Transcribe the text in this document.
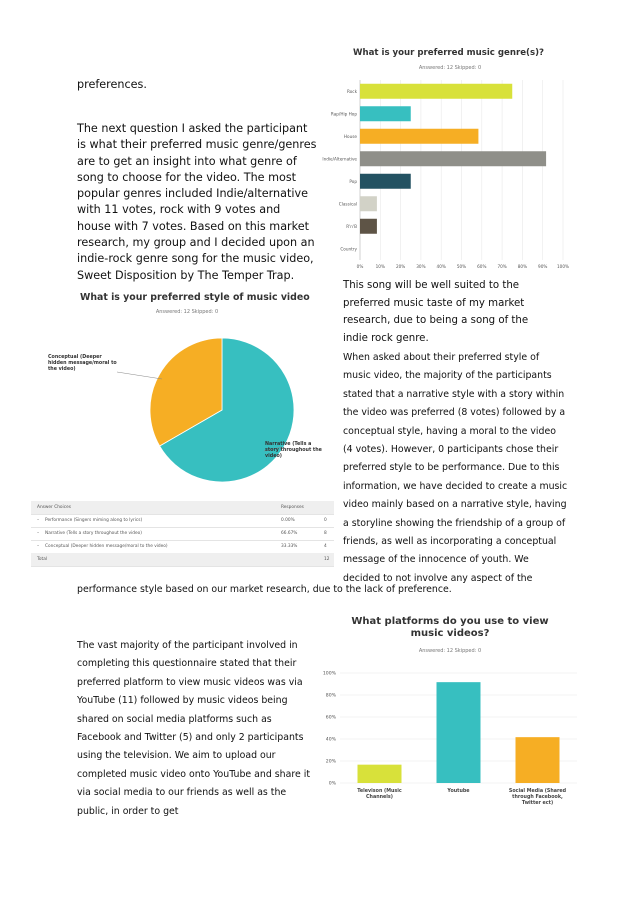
preferences.
The next question I asked the participant is what their preferred music genre/genres are to get an insight into what genre of song to choose for the video. The most popular genres included Indie/alternative with 11 votes, rock with 9 votes and house with 7 votes. Based on this market research, my group and I decided upon an indie-rock genre song for the music video, Sweet Disposition by The Temper Trap.
What is your preferred music genre(s)?
Answered: 12 Skipped: 0
0%	10%	20%	30%	40%	50%	60%	70%	80%	90% 100%
Rock
Rap/Hip Hop
House
Indie/Alternative
Pop
Classical
R'n'B
Country
What is your preferred style of music video
Answered: 12 Skipped: 0
Conceptual (Deeper hidden message/moral to the video)
Narrative (Tells a story throughout the video)
Answer Choices	Responses
– Performance (Singers miming along to lyrics)	0.00%	0
– Narrative (Tells a story throughout the video)	66.67%	8
– Conceptual (Deeper hidden message/moral to the video)	33.33%	4
Total	12
This song will be well suited to the preferred music taste of my market research, due to being a song of the indie rock genre.
When asked about their preferred style of music video, the majority of the participants stated that a narrative style with a story within the video was preferred (8 votes) followed by a conceptual style, having a moral to the video (4 votes). However, 0 participants chose their preferred style to be performance. Due to this information, we have decided to create a music video mainly based on a narrative style, having a storyline showing the friendship of a group of friends, as well as incorporating a conceptual message of the innocence of youth. We decided to not involve any aspect of the
performance style based on our market research, due to the lack of preference.
The vast majority of the participant involved in completing this questionnaire stated that their preferred platform to view music videos was via YouTube (11) followed by music videos being shared on social media platforms such as Facebook and Twitter (5) and only 2 participants using the television. We aim to upload our completed music video onto YouTube and share it via social media to our friends as well as the public, in order to get
What platforms do you use to view music videos?
Answered: 12 Skipped: 0
0%
20%
40%
60%
80%
100%
Televison (Music
Channels)
Youtube	Social Media (Shared
through Facebook,
Twitter ect)
